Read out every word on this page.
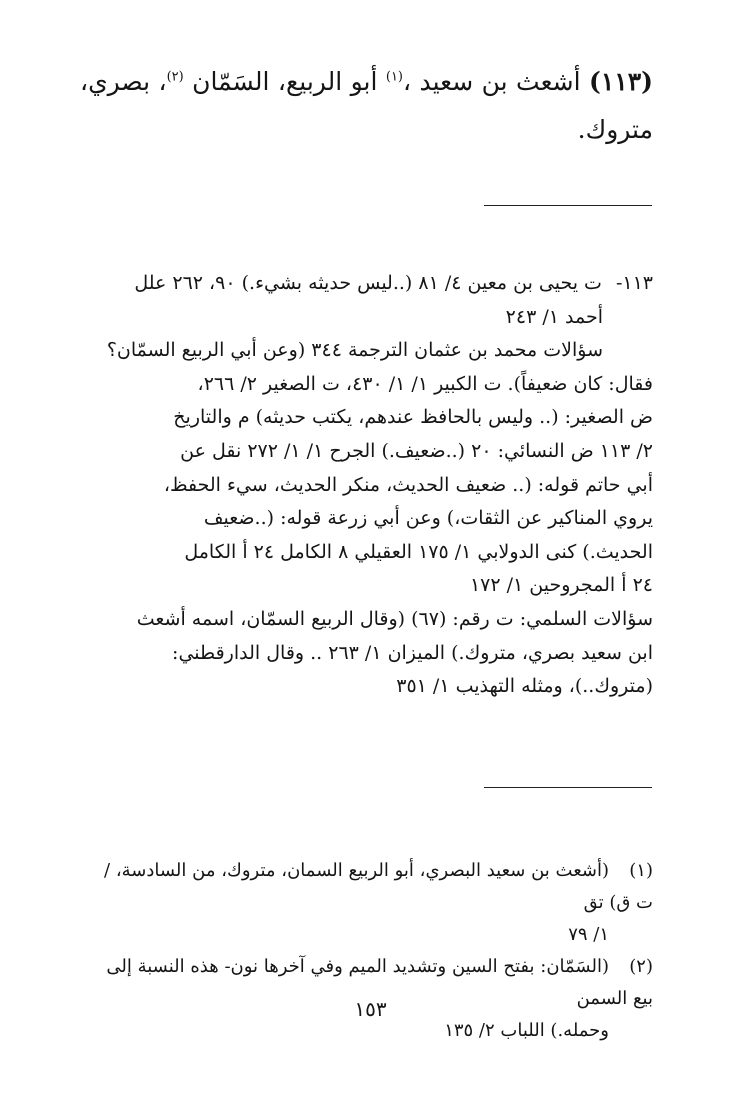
(١١٣) أشعث بن سعيد ،$^{(١)}$ أبو الربيع، السَمّان $^{(٢)}$، بصري، متروك.
١١٣-ت يحيى بن معين ٤/ ٨١ (..ليس حديثه بشيء.) ٩٠، ٢٦٢ علل
أحمد ١/ ٢٤٣
سؤالات محمد بن عثمان الترجمة ٣٤٤ (وعن أبي الربيع السمّان؟
فقال: كان ضعيفاً). ت الكبير ١/ ١/ ٤٣٠، ت الصغير ٢/ ٢٦٦،
ض الصغير: (.. وليس بالحافظ عندهم، يكتب حديثه) م والتاريخ
٢/ ١١٣ ض النسائي: ٢٠ (..ضعيف.) الجرح ١/ ١/ ٢٧٢ نقل عن
أبي حاتم قوله: (.. ضعيف الحديث، منكر الحديث، سيء الحفظ،
يروي المناكير عن الثقات،) وعن أبي زرعة قوله: (..ضعيف
الحديث.) كنى الدولابي ١/ ١٧٥ العقيلي ٨ الكامل ٢٤ أ الكامل
٢٤ أ المجروحين ١/ ١٧٢
سؤالات السلمي: ت رقم: (٦٧) (وقال الربيع السمّان، اسمه أشعث
ابن سعيد بصري، متروك.) الميزان ١/ ٢٦٣ .. وقال الدارقطني:
(متروك..)، ومثله التهذيب ١/ ٣٥١
(١)(أشعث بن سعيد البصري، أبو الربيع السمان، متروك، من السادسة، / ت ق) تق
١/ ٧٩
(٢)(السَمّان: بفتح السين وتشديد الميم وفي آخرها نون- هذه النسبة إلى بيع السمن
وحمله.) اللباب ٢/ ١٣٥
١٥٣
